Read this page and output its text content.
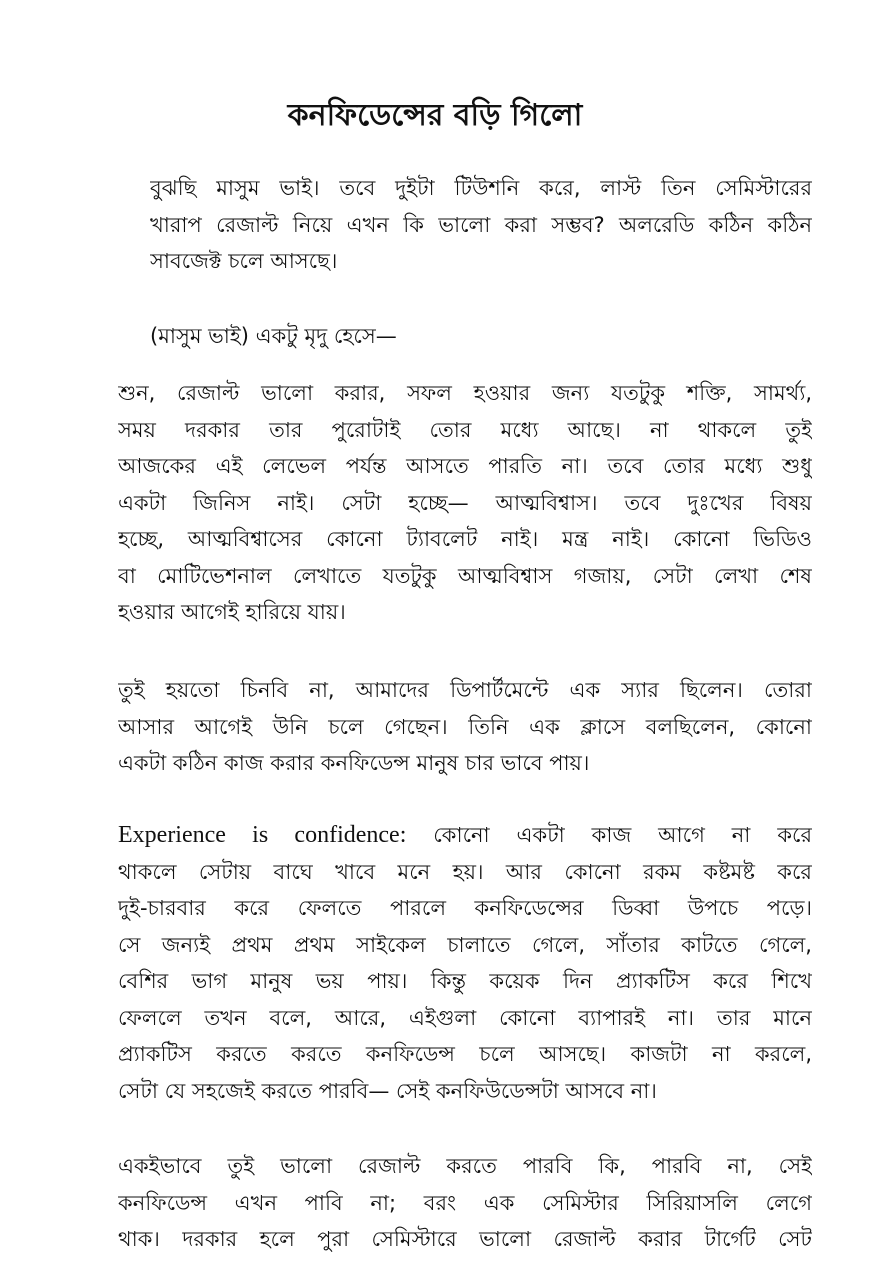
কনফিডেন্সের বড়ি গিলো

বুঝছি মাসুম ভাই। তবে দুইটা টিউশনি করে, লাস্ট তিন সেমিস্টারের
খারাপ রেজাল্ট নিয়ে এখন কি ভালো করা সম্ভব? অলরেডি কঠিন কঠিন
সাবজেক্ট চলে আসছে।

(মাসুম ভাই) একটু মৃদু হেসে—

শুন, রেজাল্ট ভালো করার, সফল হওয়ার জন্য যতটুকু শক্তি, সামর্থ্য,
সময় দরকার তার পুরোটাই তোর মধ্যে আছে। না থাকলে তুই
আজকের এই লেভেল পর্যন্ত আসতে পারতি না। তবে তোর মধ্যে শুধু
একটা জিনিস নাই। সেটা হচ্ছে— আত্মবিশ্বাস। তবে দুঃখের বিষয়
হচ্ছে, আত্মবিশ্বাসের কোনো ট্যাবলেট নাই। মন্ত্র নাই। কোনো ভিডিও
বা মোটিভেশনাল লেখাতে যতটুকু আত্মবিশ্বাস গজায়, সেটা লেখা শেষ
হওয়ার আগেই হারিয়ে যায়।

তুই হয়তো চিনবি না, আমাদের ডিপার্টমেন্টে এক স্যার ছিলেন। তোরা
আসার আগেই উনি চলে গেছেন। তিনি এক ক্লাসে বলছিলেন, কোনো
একটা কঠিন কাজ করার কনফিডেন্স মানুষ চার ভাবে পায়।

Experience is confidence: কোনো একটা কাজ আগে না করে
থাকলে সেটায় বাঘে খাবে মনে হয়। আর কোনো রকম কষ্টমষ্ট করে
দুই-চারবার করে ফেলতে পারলে কনফিডেন্সের ডিব্বা উপচে পড়ে।
সে জন্যই প্রথম প্রথম সাইকেল চালাতে গেলে, সাঁতার কাটতে গেলে,
বেশির ভাগ মানুষ ভয় পায়। কিন্তু কয়েক দিন প্র্যাকটিস করে শিখে
ফেললে তখন বলে, আরে, এইগুলা কোনো ব্যাপারই না। তার মানে
প্র্যাকটিস করতে করতে কনফিডেন্স চলে আসছে। কাজটা না করলে,
সেটা যে সহজেই করতে পারবি— সেই কনফিউডেন্সটা আসবে না।

একইভাবে তুই ভালো রেজাল্ট করতে পারবি কি, পারবি না, সেই
কনফিডেন্স এখন পাবি না; বরং এক সেমিস্টার সিরিয়াসলি লেগে
থাক। দরকার হলে পুরা সেমিস্টারে ভালো রেজাল্ট করার টার্গেট সেট
